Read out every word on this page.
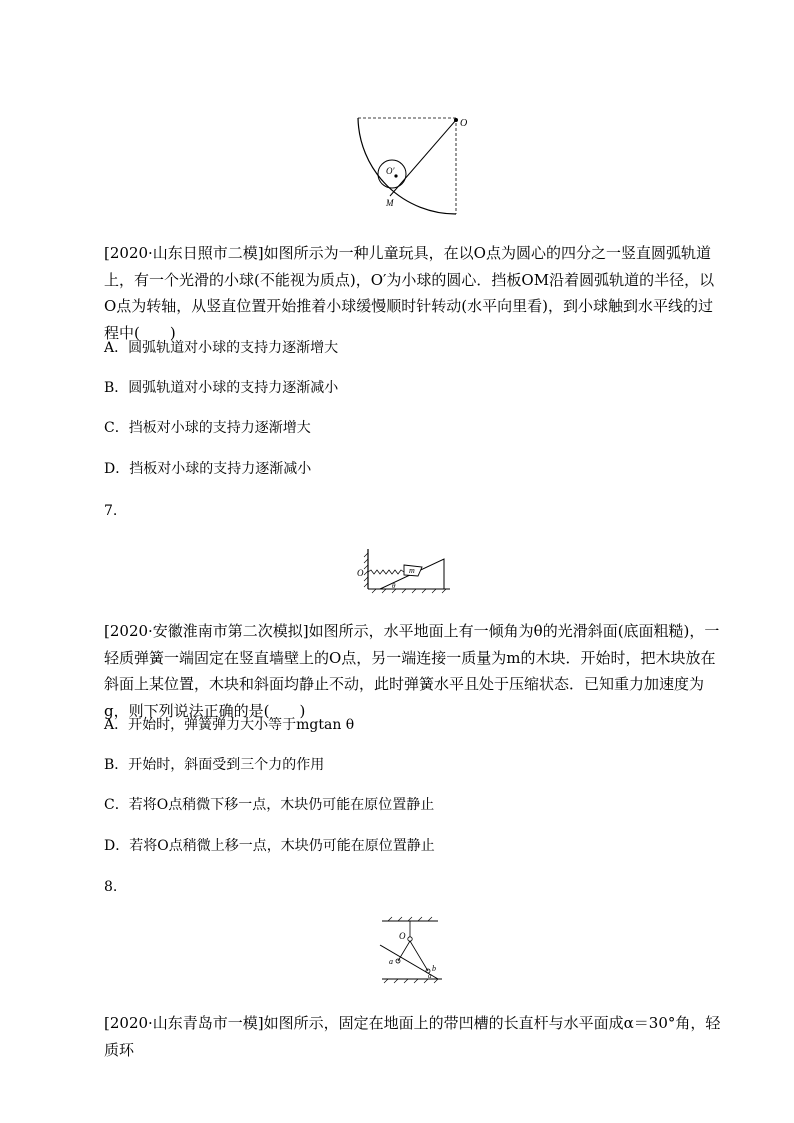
O
O′
M
[2020·山东日照市二模]如图所示为一种儿童玩具，在以O点为圆心的四分之一竖直圆弧轨道上，有一个光滑的小球(不能视为质点)，O′为小球的圆心．挡板OM沿着圆弧轨道的半径，以O点为转轴，从竖直位置开始推着小球缓慢顺时针转动(水平向里看)，到小球触到水平线的过程中(　　)
A．圆弧轨道对小球的支持力逐渐增大
B．圆弧轨道对小球的支持力逐渐减小
C．挡板对小球的支持力逐渐增大
D．挡板对小球的支持力逐渐减小
7.
O	m
θ
[2020·安徽淮南市第二次模拟]如图所示，水平地面上有一倾角为θ的光滑斜面(底面粗糙)，一轻质弹簧一端固定在竖直墙壁上的O点，另一端连接一质量为m的木块．开始时，把木块放在斜面上某位置，木块和斜面均静止不动，此时弹簧水平且处于压缩状态．已知重力加速度为g，则下列说法正确的是(　　)
A．开始时，弹簧弹力大小等于mgtan θ
B．开始时，斜面受到三个力的作用
C．若将O点稍微下移一点，木块仍可能在原位置静止
D．若将O点稍微上移一点，木块仍可能在原位置静止
8.
O
a
b
α
[2020·山东青岛市一模]如图所示，固定在地面上的带凹槽的长直杆与水平面成α＝30°角，轻质环
